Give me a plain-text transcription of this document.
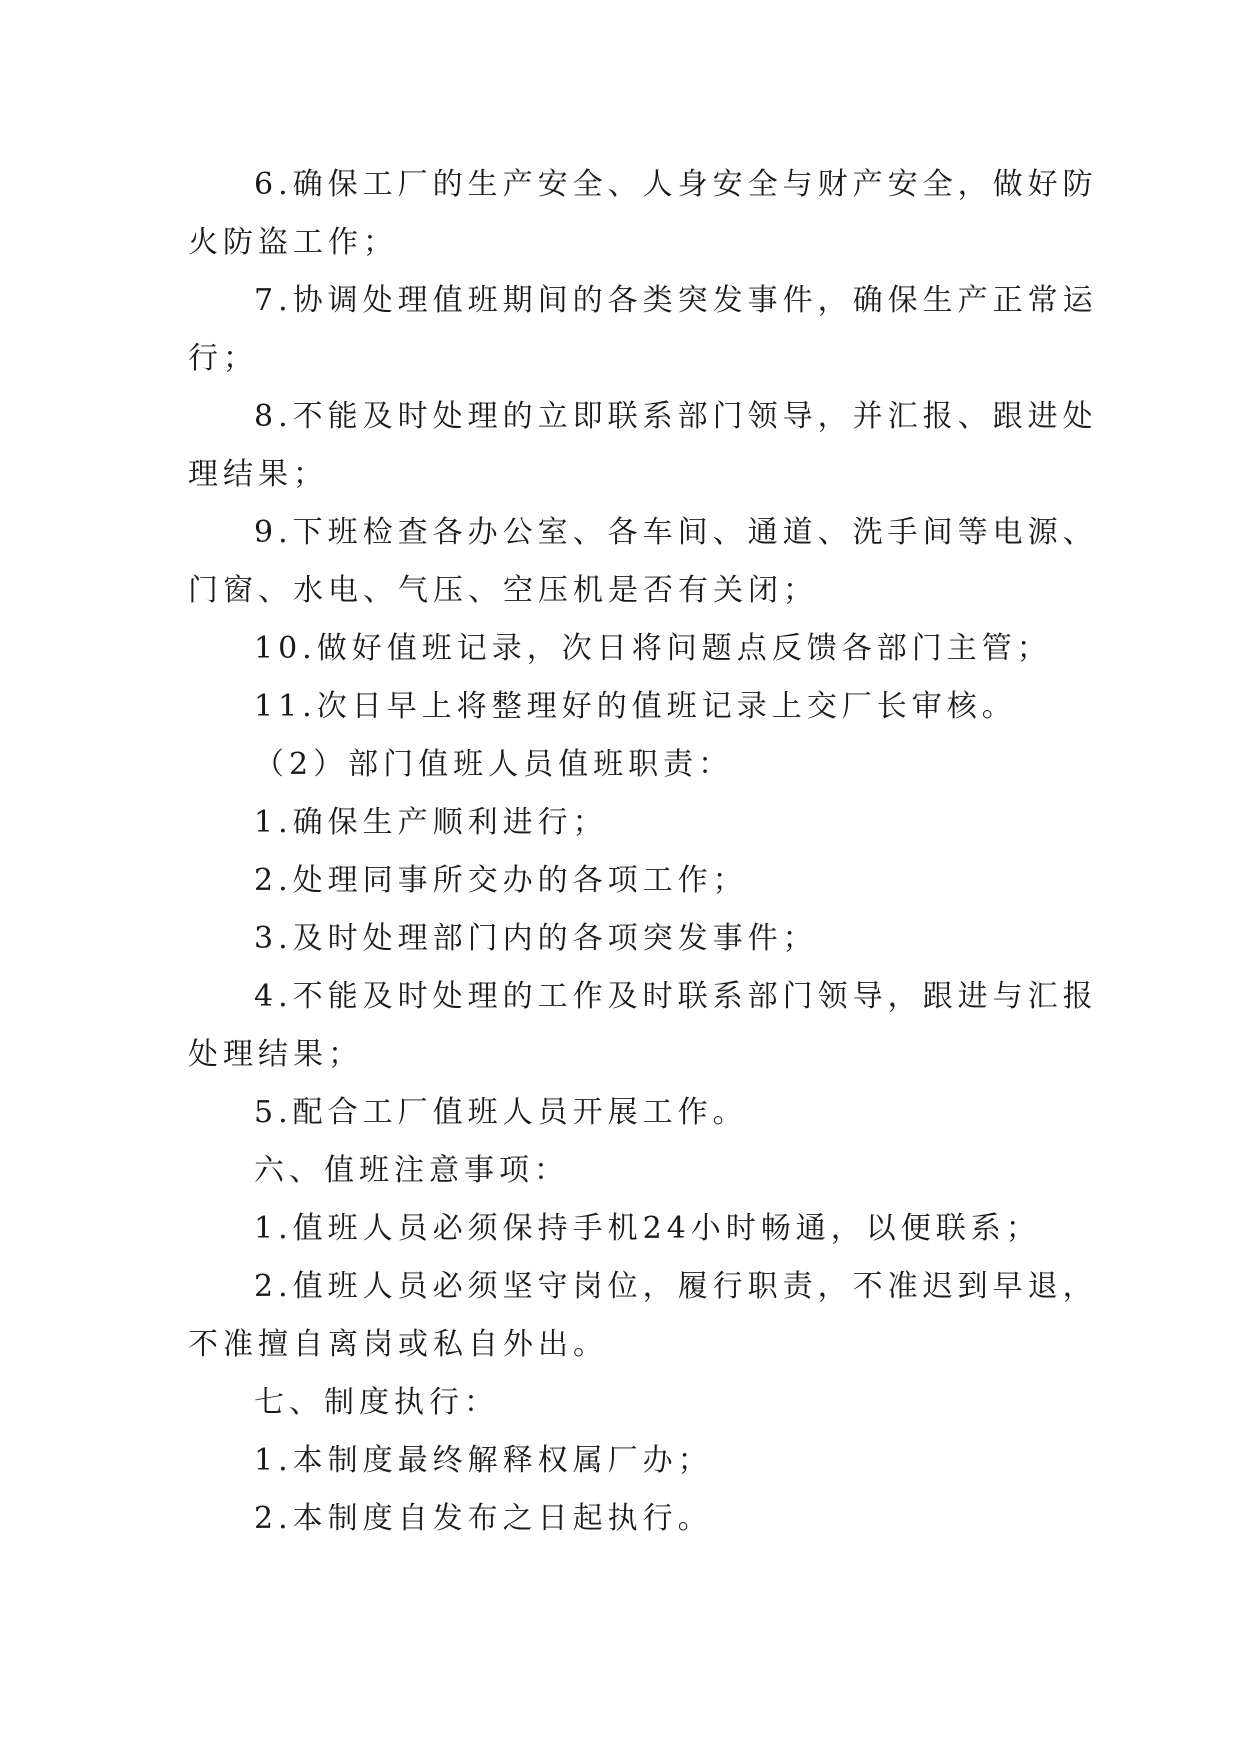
6.确保工厂的生产安全、人身安全与财产安全，做好防
火防盗工作；
7.协调处理值班期间的各类突发事件，确保生产正常运
行；
8.不能及时处理的立即联系部门领导，并汇报、跟进处
理结果；
9.下班检查各办公室、各车间、通道、洗手间等电源、
门窗、水电、气压、空压机是否有关闭；
10.做好值班记录，次日将问题点反馈各部门主管；
11.次日早上将整理好的值班记录上交厂长审核。
（2）部门值班人员值班职责：
1.确保生产顺利进行；
2.处理同事所交办的各项工作；
3.及时处理部门内的各项突发事件；
4.不能及时处理的工作及时联系部门领导，跟进与汇报
处理结果；
5.配合工厂值班人员开展工作。
六、值班注意事项：
1.值班人员必须保持手机24小时畅通，以便联系；
2.值班人员必须坚守岗位，履行职责，不准迟到早退，
不准擅自离岗或私自外出。
七、制度执行：
1.本制度最终解释权属厂办；
2.本制度自发布之日起执行。
